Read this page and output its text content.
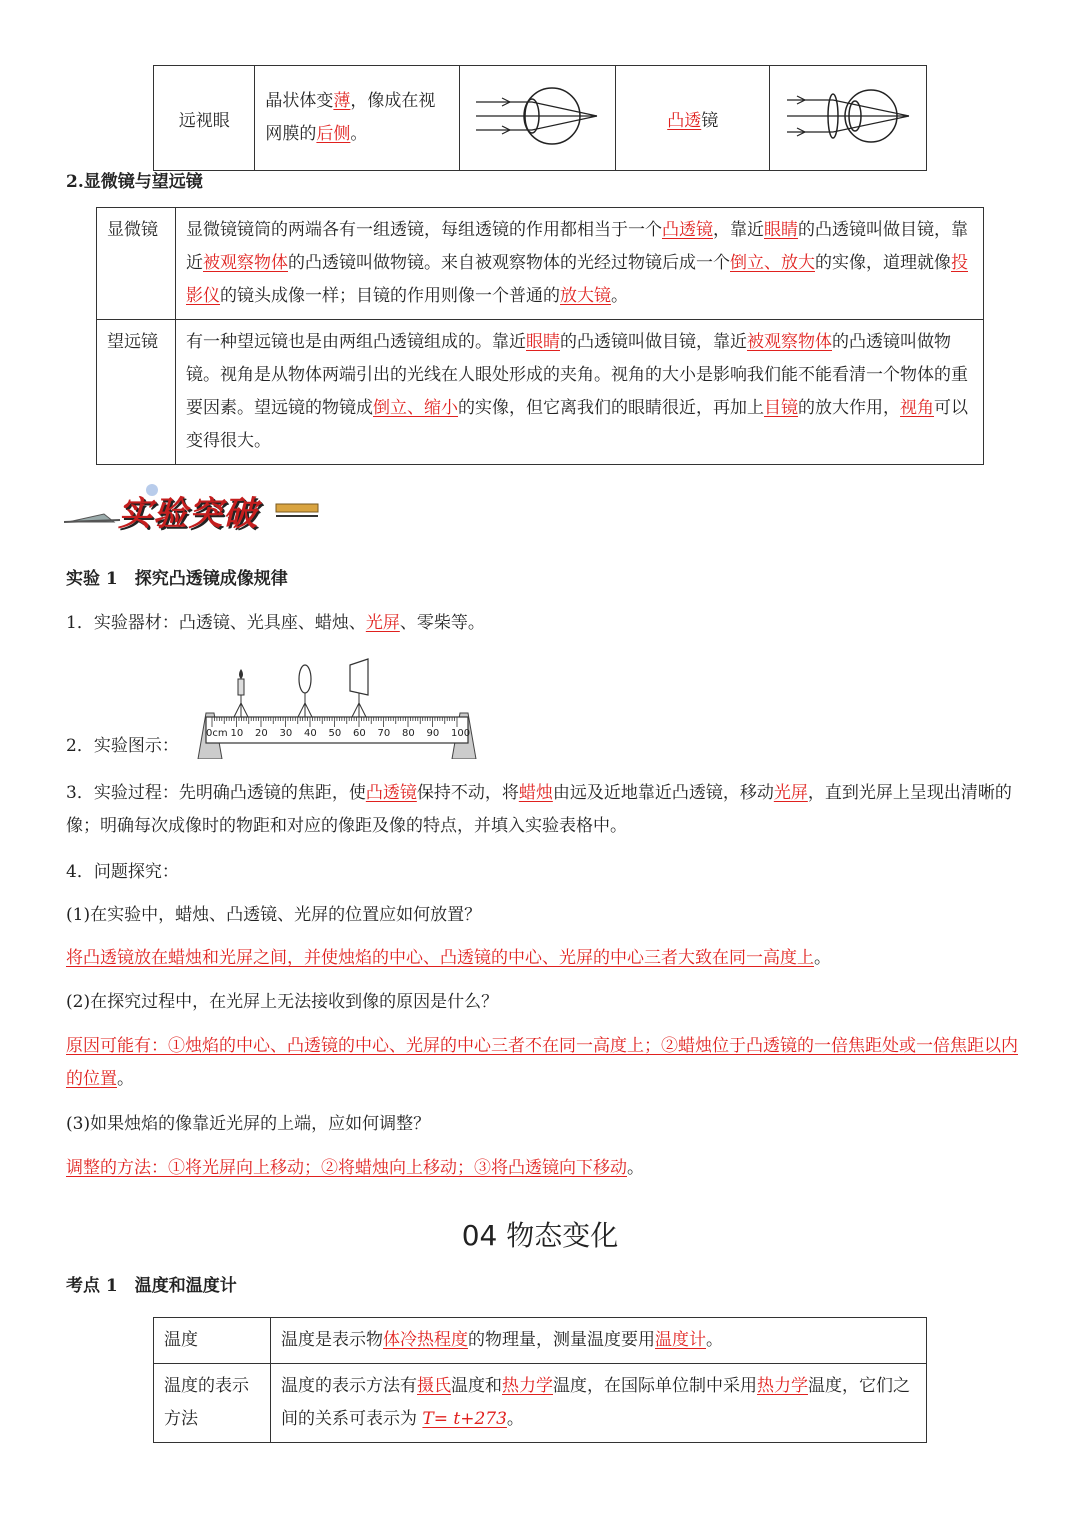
远视眼	晶状体变薄，像成在视网膜的后侧。		凸透镜	

2.显微镜与望远镜

显微镜	显微镜镜筒的两端各有一组透镜，每组透镜的作用都相当于一个凸透镜，靠近眼睛的凸透镜叫做目镜，靠近被观察物体的凸透镜叫做物镜。来自被观察物体的光经过物镜后成一个倒立、放大的实像，道理就像投影仪的镜头成像一样；目镜的作用则像一个普通的放大镜。
望远镜	有一种望远镜也是由两组凸透镜组成的。靠近眼睛的凸透镜叫做目镜，靠近被观察物体的凸透镜叫做物镜。视角是从物体两端引出的光线在人眼处形成的夹角。视角的大小是影响我们能不能看清一个物体的重要因素。望远镜的物镜成倒立、缩小的实像，但它离我们的眼睛很近，再加上目镜的放大作用，视角可以变得很大。
实验突破

实验 1　探究凸透镜成像规律

1．实验器材：凸透镜、光具座、蜡烛、光屏、零柴等。

2．实验图示：

0cm 10 20 30 40 50 60 70 80 90 100

3．实验过程：先明确凸透镜的焦距，使凸透镜保持不动，将蜡烛由远及近地靠近凸透镜，移动光屏，直到光屏上呈现出清晰的像；明确每次成像时的物距和对应的像距及像的特点，并填入实验表格中。

4．问题探究：

(1)在实验中，蜡烛、凸透镜、光屏的位置应如何放置？

将凸透镜放在蜡烛和光屏之间，并使烛焰的中心、凸透镜的中心、光屏的中心三者大致在同一高度上。

(2)在探究过程中，在光屏上无法接收到像的原因是什么？

原因可能有：①烛焰的中心、凸透镜的中心、光屏的中心三者不在同一高度上；②蜡烛位于凸透镜的一倍焦距处或一倍焦距以内的位置。

(3)如果烛焰的像靠近光屏的上端，应如何调整？

调整的方法：①将光屏向上移动；②将蜡烛向上移动；③将凸透镜向下移动。

04 物态变化

考点 1　温度和温度计

温度	温度是表示物体冷热程度的物理量，测量温度要用温度计。
温度的表示方法	温度的表示方法有摄氏温度和热力学温度，在国际单位制中采用热力学温度，它们之间的关系可表示为 T= t+273。
